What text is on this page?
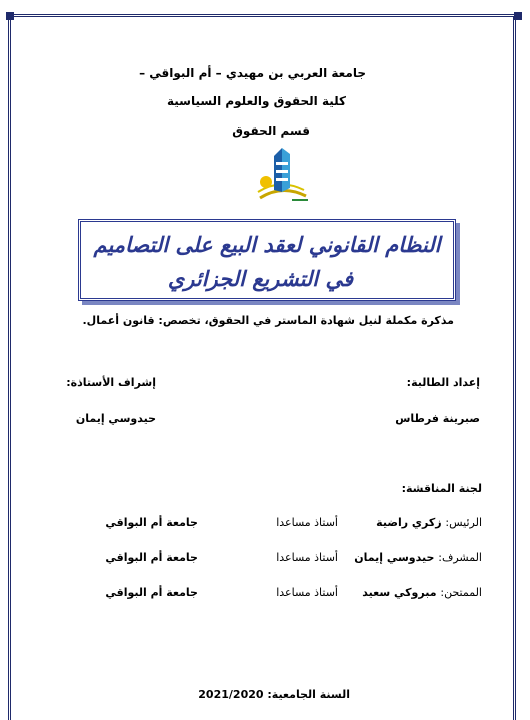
جامعة العربي بن مهيدي – أم البواقي –
كلية الحقوق والعلوم السياسية
قسم الحقوق
النظام القانوني لعقد البيع على التصاميم
في التشريع الجزائري
مذكرة مكملة لنيل شهادة الماستر في الحقوق، تخصص: قانون أعمال.
إعداد الطالبة:
إشراف الأستاذة:
صبرينة فرطاس
حيدوسي إيمان
لجنة المناقشة:
الرئيس: زكري راضية
أستاذ مساعدا
جامعة أم البواقي
المشرف: حيدوسي إيمان
أستاذ مساعدا
جامعة أم البواقي
الممتحن: مبروكي سعيد
أستاذ مساعدا
جامعة أم البواقي
السنة الجامعية: 2021/2020
